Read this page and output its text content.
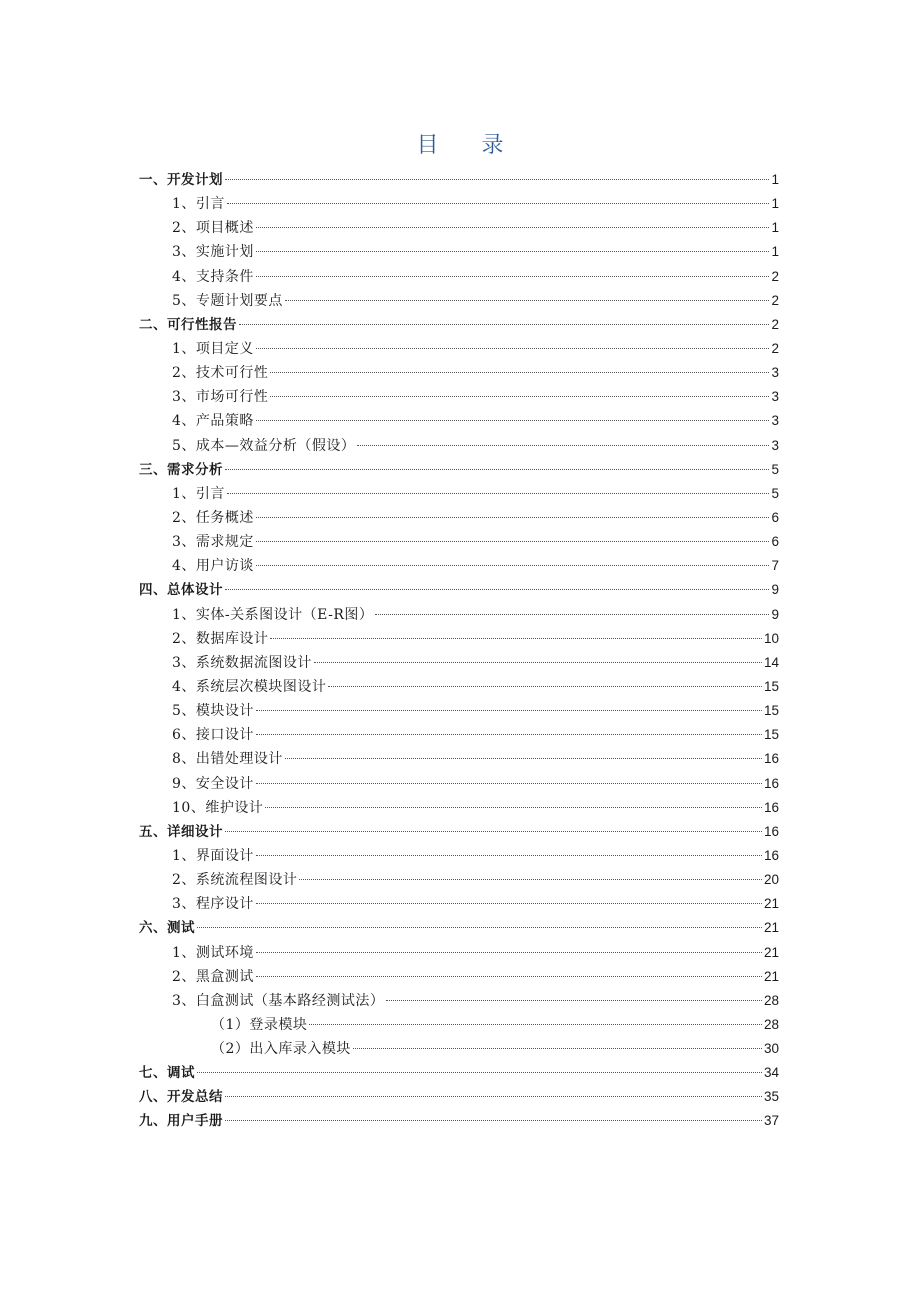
目 录
一、开发计划	1
1、引言	1
2、项目概述	1
3、实施计划	1
4、支持条件	2
5、专题计划要点	2
二、可行性报告	2
1、项目定义	2
2、技术可行性	3
3、市场可行性	3
4、产品策略	3
5、成本—效益分析（假设）	3
三、需求分析	5
1、引言	5
2、任务概述	6
3、需求规定	6
4、用户访谈	7
四、总体设计	9
1、实体-关系图设计（E-R图）	9
2、数据库设计	10
3、系统数据流图设计	14
4、系统层次模块图设计	15
5、模块设计	15
6、接口设计	15
8、出错处理设计	16
9、安全设计	16
10、维护设计	16
五、详细设计	16
1、界面设计	16
2、系统流程图设计	20
3、程序设计	21
六、测试	21
1、测试环境	21
2、黑盒测试	21
3、白盒测试（基本路经测试法）	28
（1）登录模块	28
（2）出入库录入模块	30
七、调试	34
八、开发总结	35
九、用户手册	37
